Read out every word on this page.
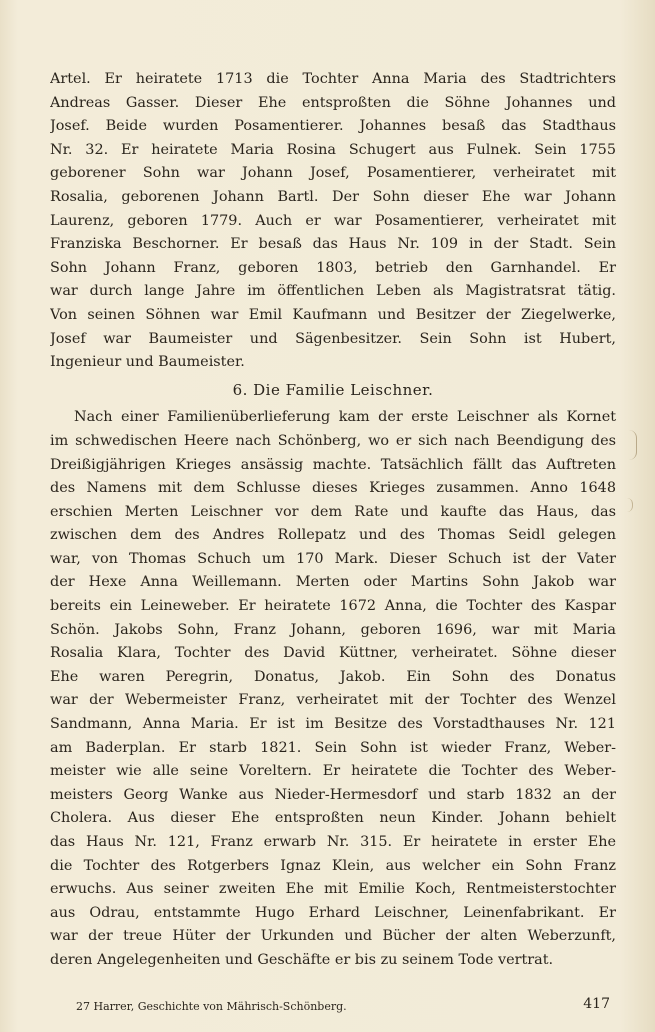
Artel. Er heiratete 1713 die Tochter Anna Maria des Stadtrichters
Andreas Gasser. Dieser Ehe entsproßten die Söhne Johannes und
Josef. Beide wurden Posamentierer. Johannes besaß das Stadthaus
Nr. 32. Er heiratete Maria Rosina Schugert aus Fulnek. Sein 1755
geborener Sohn war Johann Josef, Posamentierer, verheiratet mit
Rosalia, geborenen Johann Bartl. Der Sohn dieser Ehe war Johann
Laurenz, geboren 1779. Auch er war Posamentierer, verheiratet mit
Franziska Beschorner. Er besaß das Haus Nr. 109 in der Stadt. Sein
Sohn Johann Franz, geboren 1803, betrieb den Garnhandel. Er
war durch lange Jahre im öffentlichen Leben als Magistratsrat tätig.
Von seinen Söhnen war Emil Kaufmann und Besitzer der Ziegelwerke,
Josef war Baumeister und Sägenbesitzer. Sein Sohn ist Hubert,
Ingenieur und Baumeister.
6. Die Familie Leischner.
Nach einer Familienüberlieferung kam der erste Leischner als Kornet
im schwedischen Heere nach Schönberg, wo er sich nach Beendigung des
Dreißigjährigen Krieges ansässig machte. Tatsächlich fällt das Auftreten
des Namens mit dem Schlusse dieses Krieges zusammen. Anno 1648
erschien Merten Leischner vor dem Rate und kaufte das Haus, das
zwischen dem des Andres Rollepatz und des Thomas Seidl gelegen
war, von Thomas Schuch um 170 Mark. Dieser Schuch ist der Vater
der Hexe Anna Weillemann. Merten oder Martins Sohn Jakob war
bereits ein Leineweber. Er heiratete 1672 Anna, die Tochter des Kaspar
Schön. Jakobs Sohn, Franz Johann, geboren 1696, war mit Maria
Rosalia Klara, Tochter des David Küttner, verheiratet. Söhne dieser
Ehe waren Peregrin, Donatus, Jakob. Ein Sohn des Donatus
war der Webermeister Franz, verheiratet mit der Tochter des Wenzel
Sandmann, Anna Maria. Er ist im Besitze des Vorstadthauses Nr. 121
am Baderplan. Er starb 1821. Sein Sohn ist wieder Franz, Weber-
meister wie alle seine Voreltern. Er heiratete die Tochter des Weber-
meisters Georg Wanke aus Nieder-Hermesdorf und starb 1832 an der
Cholera. Aus dieser Ehe entsproßten neun Kinder. Johann behielt
das Haus Nr. 121, Franz erwarb Nr. 315. Er heiratete in erster Ehe
die Tochter des Rotgerbers Ignaz Klein, aus welcher ein Sohn Franz
erwuchs. Aus seiner zweiten Ehe mit Emilie Koch, Rentmeisterstochter
aus Odrau, entstammte Hugo Erhard Leischner, Leinenfabrikant. Er
war der treue Hüter der Urkunden und Bücher der alten Weberzunft,
deren Angelegenheiten und Geschäfte er bis zu seinem Tode vertrat.
27 Harrer, Geschichte von Mährisch-Schönberg.	417
